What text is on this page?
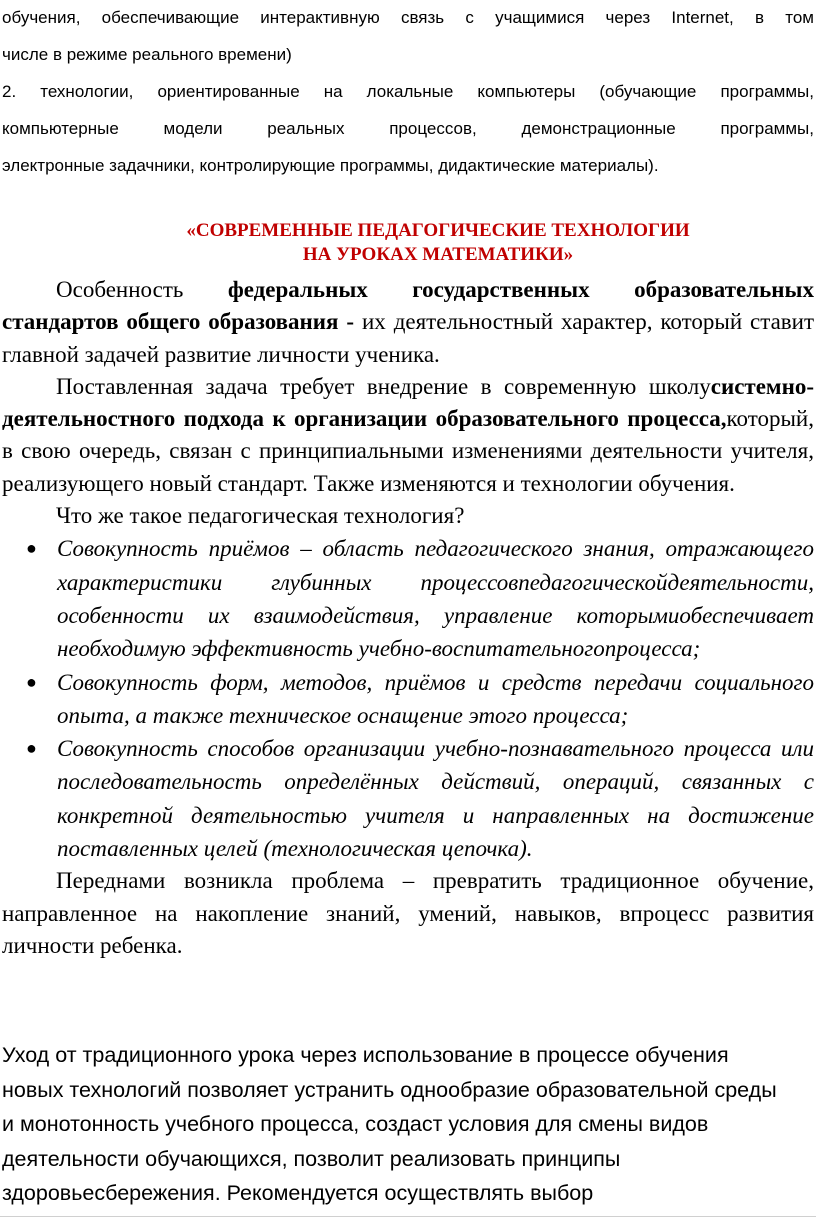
обучения, обеспечивающие интерактивную связь с учащимися через Internet, в том

числе в режиме реального времени)

2. технологии, ориентированные на локальные компьютеры (обучающие программы,

компьютерные модели реальных процессов, демонстрационные программы,

электронные задачники, контролирующие программы, дидактические материалы).

«СОВРЕМЕННЫЕ ПЕДАГОГИЧЕСКИЕ ТЕХНОЛОГИИ

НА УРОКАХ МАТЕМАТИКИ»

Особенность федеральных государственных образовательных стандартов общего образования - их деятельностный характер, который ставит главной задачей развитие личности ученика.

Поставленная задача требует внедрение в современную школусистемно-деятельностного подхода к организации образовательного процесса,который, в свою очередь, связан с принципиальными изменениями деятельности учителя, реализующего новый стандарт. Также изменяются и технологии обучения.

Что же такое педагогическая технология?

● Совокупность приёмов – область педагогического знания, отражающего характеристики глубинных процессовпедагогическойдеятельности, особенности их взаимодействия, управление которымиобеспечивает необходимую эффективность учебно-воспитательногопроцесса;
● Совокупность форм, методов, приёмов и средств передачи социального опыта, а также техническое оснащение этого процесса;
● Совокупность способов организации учебно-познавательного процесса или последовательность определённых действий, операций, связанных с конкретной деятельностью учителя и направленных на достижение поставленных целей (технологическая цепочка).

Переднами возникла проблема – превратить традиционное обучение, направленное на накопление знаний, умений, навыков, впроцесс развития личности ребенка.

Уход от традиционного урока через использование в процессе обучения

новых технологий позволяет устранить однообразие образовательной среды

и монотонность учебного процесса, создаст условия для смены видов

деятельности обучающихся, позволит реализовать принципы

здоровьесбережения. Рекомендуется осуществлять выбор
